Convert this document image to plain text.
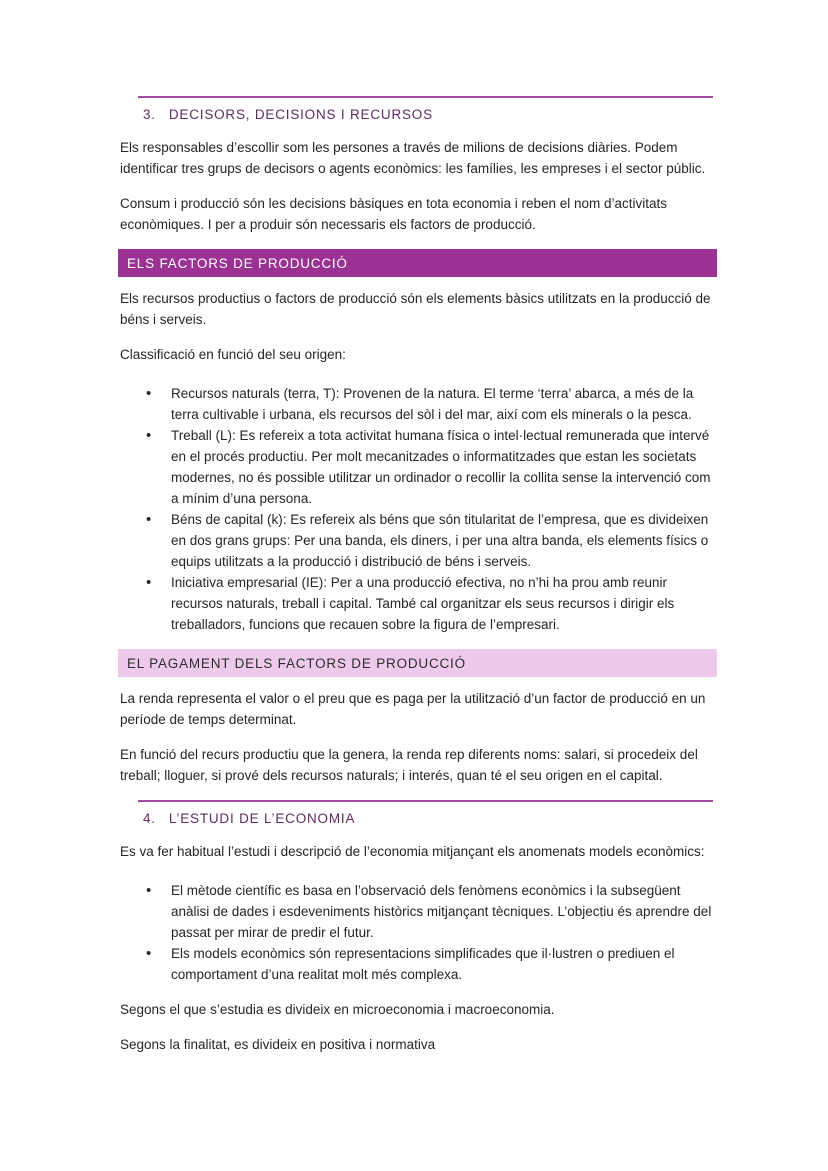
3. DECISORS, DECISIONS I RECURSOS

Els responsables d’escollir som les persones a través de milions de decisions diàries. Podem identificar tres grups de decisors o agents econòmics: les famílies, les empreses i el sector públic.

Consum i producció són les decisions bàsiques en tota economia i reben el nom d’activitats econòmiques. I per a produir són necessaris els factors de producció.

ELS FACTORS DE PRODUCCIÓ

Els recursos productius o factors de producció són els elements bàsics utilitzats en la producció de béns i serveis.

Classificació en funció del seu origen:

• Recursos naturals (terra, T): Provenen de la natura. El terme ‘terra’ abarca, a més de la terra cultivable i urbana, els recursos del sòl i del mar, així com els minerals o la pesca.
• Treball (L): Es refereix a tota activitat humana física o intel·lectual remunerada que intervé en el procés productiu. Per molt mecanitzades o informatitzades que estan les societats modernes, no és possible utilitzar un ordinador o recollir la collita sense la intervenció com a mínim d’una persona.
• Béns de capital (k): Es refereix als béns que són titularitat de l’empresa, que es divideixen en dos grans grups: Per una banda, els diners, i per una altra banda, els elements físics o equips utilitzats a la producció i distribució de béns i serveis.
• Iniciativa empresarial (IE): Per a una producció efectiva, no n’hi ha prou amb reunir recursos naturals, treball i capital. També cal organitzar els seus recursos i dirigir els treballadors, funcions que recauen sobre la figura de l’empresari.
EL PAGAMENT DELS FACTORS DE PRODUCCIÓ

La renda representa el valor o el preu que es paga per la utilització d’un factor de producció en un període de temps determinat.

En funció del recurs productiu que la genera, la renda rep diferents noms: salari, si procedeix del treball; lloguer, si prové dels recursos naturals; i interés, quan té el seu origen en el capital.

4. L’ESTUDI DE L’ECONOMIA

Es va fer habitual l’estudi i descripció de l’economia mitjançant els anomenats models econòmics:

• El mètode científic es basa en l’observació dels fenòmens econòmics i la subsegüent anàlisi de dades i esdeveniments històrics mitjançant tècniques. L’objectiu és aprendre del passat per mirar de predir el futur.
• Els models econòmics són representacions simplificades que il·lustren o prediuen el comportament d’una realitat molt més complexa.

Segons el que s’estudia es divideix en microeconomia i macroeconomia.

Segons la finalitat, es divideix en positiva i normativa
